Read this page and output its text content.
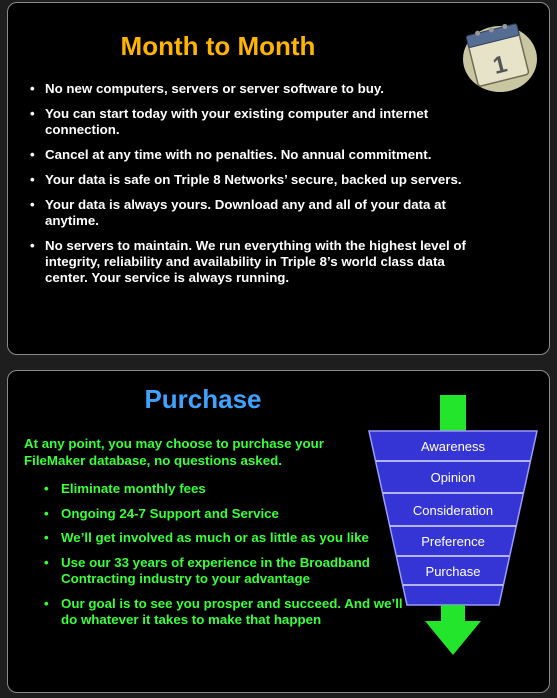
Month to Month
1
• No new computers, servers or server software to buy.
• You can start today with your existing computer and internet connection.
• Cancel at any time with no penalties. No annual commitment.
• Your data is safe on Triple 8 Networks’ secure, backed up servers.
• Your data is always yours. Download any and all of your data at anytime.
• No servers to maintain. We run everything with the highest level of integrity, reliability and availability in Triple 8’s world class data center. Your service is always running.
Purchase

At any point, you may choose to purchase your FileMaker database, no questions asked.

• Eliminate monthly fees
• Ongoing 24-7 Support and Service
• We’ll get involved as much or as little as you like
• Use our 33 years of experience in the Broadband Contracting industry to your advantage
• Our goal is to see you prosper and succeed. And we’ll do whatever it takes to make that happen
Awareness
Opinion
Consideration
Preference
Purchase
